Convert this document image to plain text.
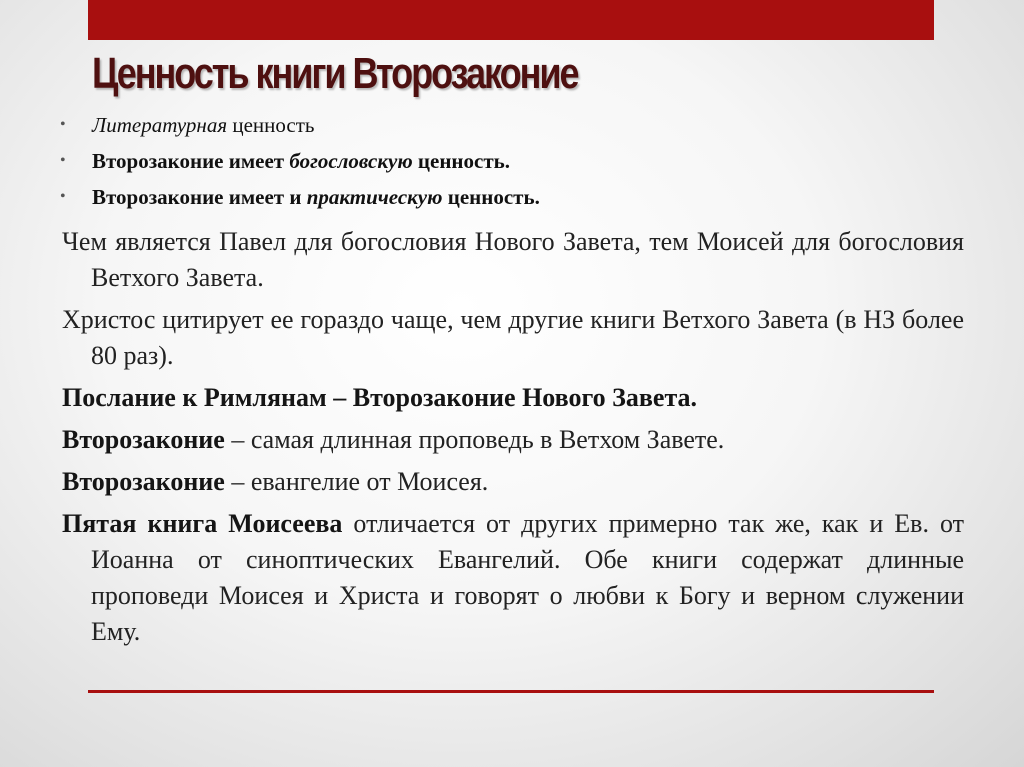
Ценность книги Второзаконие
• Литературная ценность
• Второзаконие имеет богословскую ценность.
• Второзаконие имеет и практическую ценность.

Чем является Павел для богословия Нового Завета, тем Моисей для богословия Ветхого Завета.

Христос цитирует ее гораздо чаще, чем другие книги Ветхого Завета (в НЗ более 80 раз).

Послание к Римлянам – Второзаконие Нового Завета.

Второзаконие – самая длинная проповедь в Ветхом Завете.

Второзаконие – евангелие от Моисея.

Пятая книга Моисеева отличается от других примерно так же, как и Ев. от Иоанна от синоптических Евангелий. Обе книги содержат длинные проповеди Моисея и Христа и говорят о любви к Богу и верном служении Ему.
